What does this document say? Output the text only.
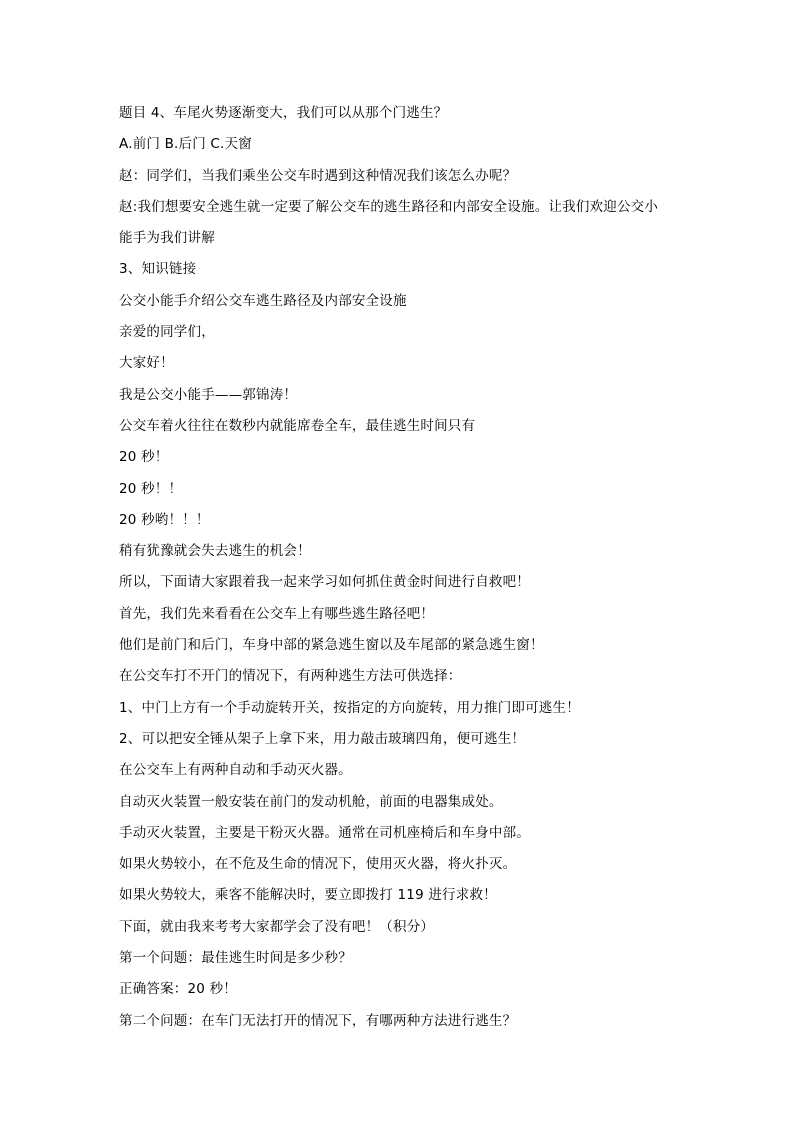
题目 4、车尾火势逐渐变大，我们可以从那个门逃生？
A.前门 B.后门 C.天窗
赵：同学们，当我们乘坐公交车时遇到这种情况我们该怎么办呢？
赵:我们想要安全逃生就一定要了解公交车的逃生路径和内部安全设施。让我们欢迎公交小
能手为我们讲解
3、知识链接
公交小能手介绍公交车逃生路径及内部安全设施
亲爱的同学们，
大家好！
我是公交小能手——郭锦涛！
公交车着火往往在数秒内就能席卷全车，最佳逃生时间只有
20 秒！
20 秒！！
20 秒哟！！！
稍有犹豫就会失去逃生的机会！
所以，下面请大家跟着我一起来学习如何抓住黄金时间进行自救吧！
首先，我们先来看看在公交车上有哪些逃生路径吧！
他们是前门和后门，车身中部的紧急逃生窗以及车尾部的紧急逃生窗！
在公交车打不开门的情况下，有两种逃生方法可供选择：
1、中门上方有一个手动旋转开关，按指定的方向旋转，用力推门即可逃生！
2、可以把安全锤从架子上拿下来，用力敲击玻璃四角，便可逃生！
在公交车上有两种自动和手动灭火器。
自动灭火装置一般安装在前门的发动机舱，前面的电器集成处。
手动灭火装置，主要是干粉灭火器。通常在司机座椅后和车身中部。
如果火势较小，在不危及生命的情况下，使用灭火器，将火扑灭。
如果火势较大，乘客不能解决时，要立即拨打 119 进行求救！
下面，就由我来考考大家都学会了没有吧！（积分）
第一个问题：最佳逃生时间是多少秒？
正确答案：20 秒！
第二个问题：在车门无法打开的情况下，有哪两种方法进行逃生？
